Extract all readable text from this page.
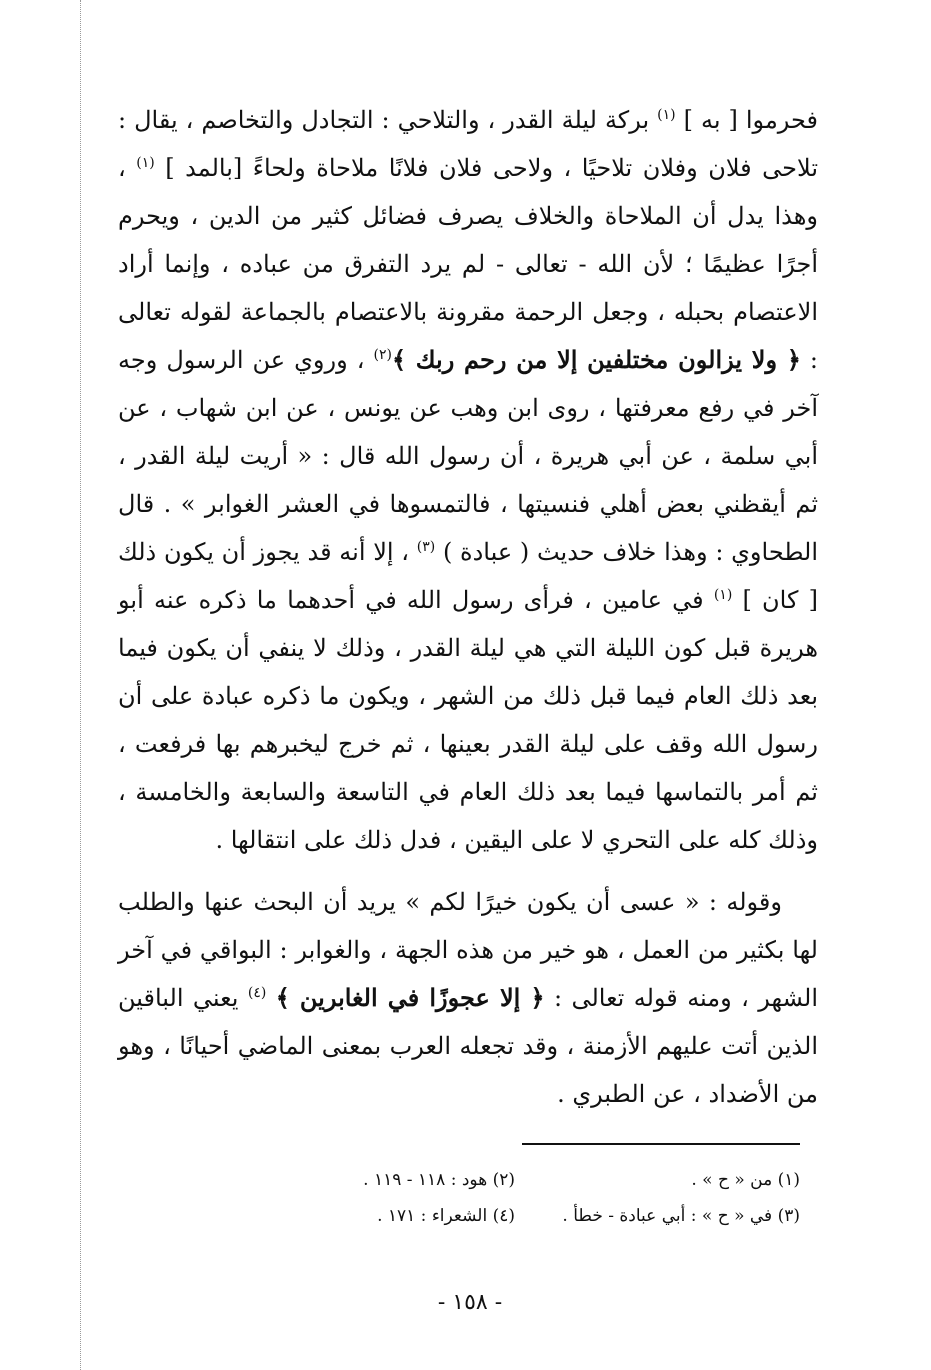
فحرموا [ به ] $^{(١)}$ بركة ليلة القدر ، والتلاحي : التجادل والتخاصم ، يقال : تلاحى فلان وفلان تلاحيًا ، ولاحى فلان فلانًا ملاحاة ولحاءً [بالمد ] $^{(١)}$ ، وهذا يدل أن الملاحاة والخلاف يصرف فضائل كثير من الدين ، ويحرم أجرًا عظيمًا ؛ لأن الله - تعالى - لم يرد التفرق من عباده ، وإنما أراد الاعتصام بحبله ، وجعل الرحمة مقرونة بالاعتصام بالجماعة لقوله تعالى : ﴿ ولا يزالون مختلفين إلا من رحم ربك ﴾$^{(٢)}$ ، وروي عن الرسول وجه آخر في رفع معرفتها ، روى ابن وهب عن يونس ، عن ابن شهاب ، عن أبي سلمة ، عن أبي هريرة ، أن رسول الله قال : « أريت ليلة القدر ، ثم أيقظني بعض أهلي فنسيتها ، فالتمسوها في العشر الغوابر » . قال الطحاوي : وهذا خلاف حديث ( عبادة ) $^{(٣)}$ ، إلا أنه قد يجوز أن يكون ذلك [ كان ] $^{(١)}$ في عامين ، فرأى رسول الله في أحدهما ما ذكره عنه أبو هريرة قبل كون الليلة التي هي ليلة القدر ، وذلك لا ينفي أن يكون فيما بعد ذلك العام فيما قبل ذلك من الشهر ، ويكون ما ذكره عبادة على أن رسول الله وقف على ليلة القدر بعينها ، ثم خرج ليخبرهم بها فرفعت ، ثم أمر بالتماسها فيما بعد ذلك العام في التاسعة والسابعة والخامسة ، وذلك كله على التحري لا على اليقين ، فدل ذلك على انتقالها .

وقوله : « عسى أن يكون خيرًا لكم » يريد أن البحث عنها والطلب لها بكثير من العمل ، هو خير من هذه الجهة ، والغوابر : البواقي في آخر الشهر ، ومنه قوله تعالى : ﴿ إلا عجوزًا في الغابرين ﴾ $^{(٤)}$ يعني الباقين الذين أتت عليهم الأزمنة ، وقد تجعله العرب بمعنى الماضي أحيانًا ، وهو من الأضداد ، عن الطبري .

(١) من « ح » .
(٢) هود : ١١٨ - ١١٩ .
(٣) في « ح » : أبي عبادة - خطأ .
(٤) الشعراء : ١٧١ .
- ١٥٨ -
